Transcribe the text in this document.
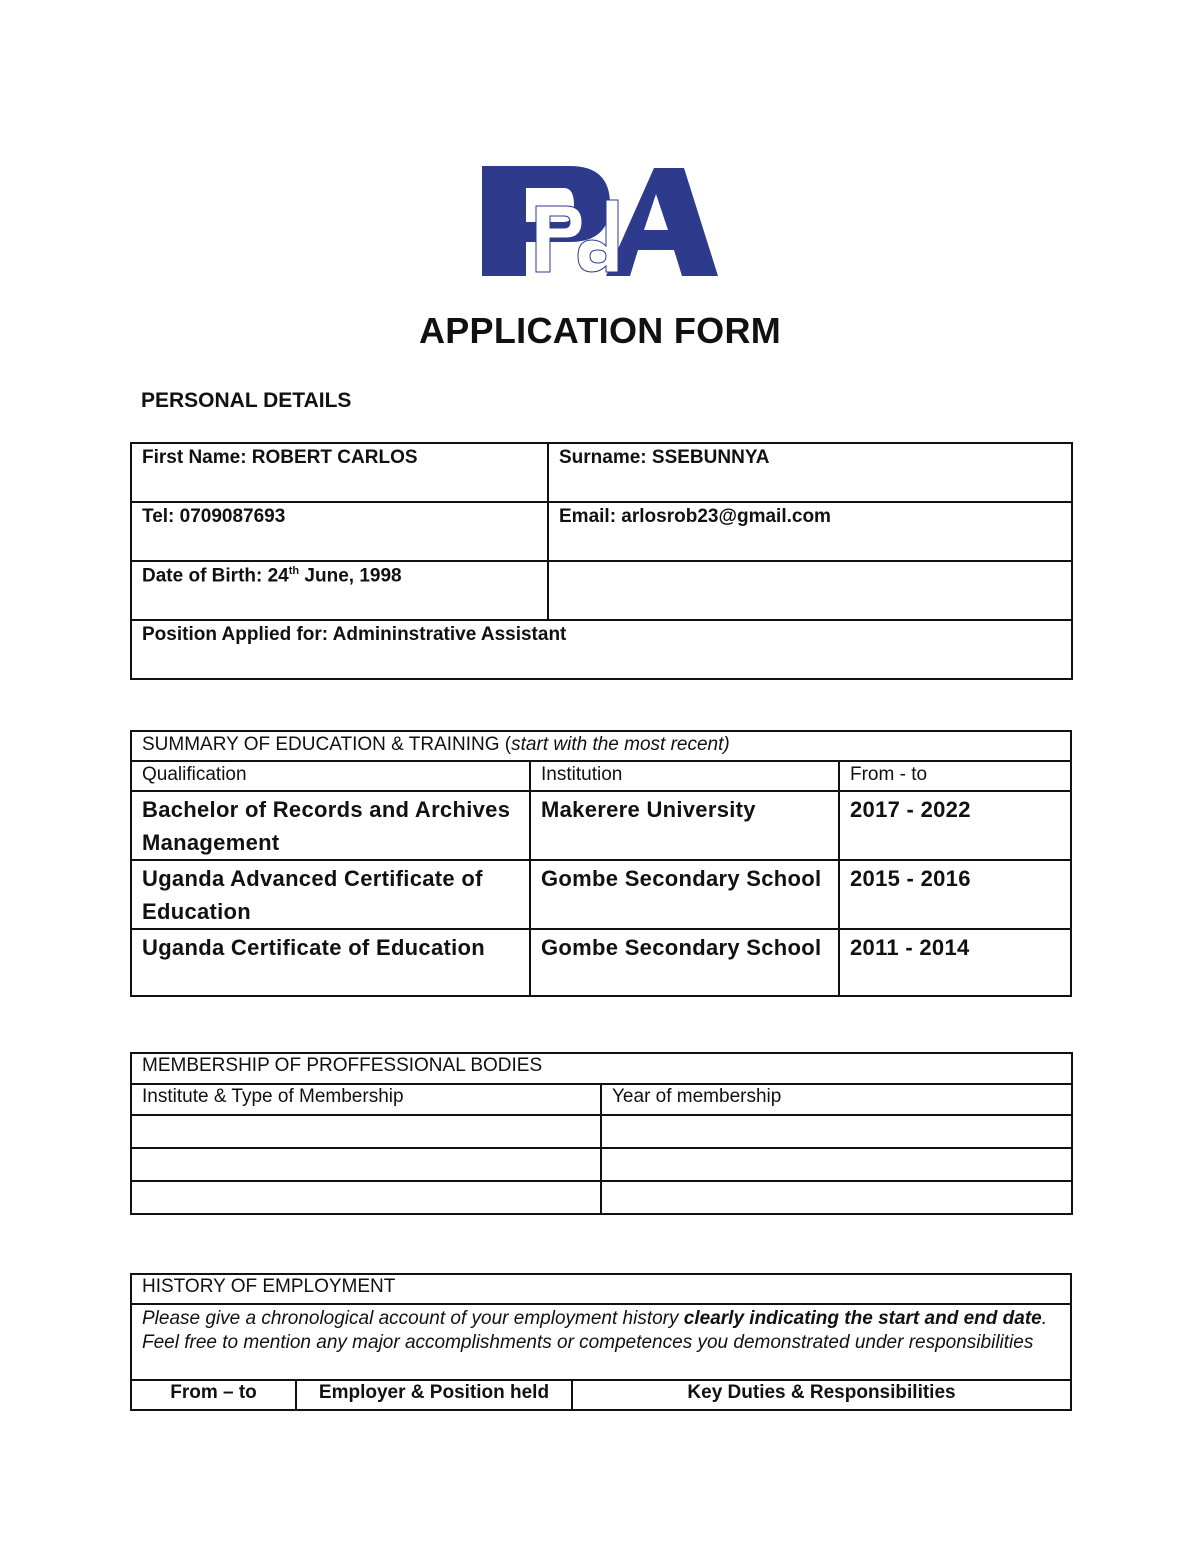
APPLICATION FORM
PERSONAL DETAILS
First Name: ROBERT CARLOS	Surname: SSEBUNNYA
Tel: 0709087693	Email: arlosrob23@gmail.com
Date of Birth: 24th June, 1998	
Position Applied for: Admininstrative Assistant	
SUMMARY OF EDUCATION & TRAINING (start with the most recent)		
Qualification	Institution	From - to
Bachelor of Records and Archives Management	Makerere University	2017 - 2022
Uganda Advanced Certificate of Education	Gombe Secondary School	2015 - 2016
Uganda Certificate of Education	Gombe Secondary School	2011 - 2014
MEMBERSHIP OF PROFFESSIONAL BODIES	
Institute & Type of Membership	Year of membership

HISTORY OF EMPLOYMENT
Please give a chronological account of your employment history clearly indicating the start and end date. Feel free to mention any major accomplishments or competences you demonstrated under responsibilities
From – to	Employer & Position held	Key Duties & Responsibilities
